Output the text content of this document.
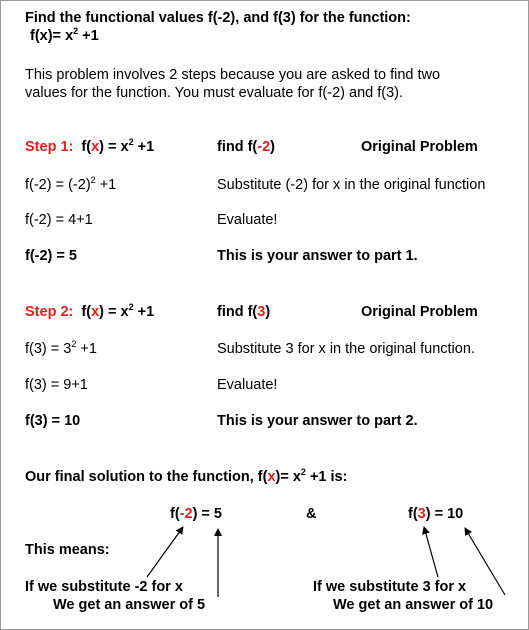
Find the functional values f(-2), and f(3) for the function:
$f(x)= x^2 +1$
This problem involves 2 steps because you are asked to find two
values for the function. You must evaluate for f(-2) and f(3).
Step 1: $f(x) = x^2 +1$	find f(-2)	Original Problem
$f(-2) = (-2)^2 +1$	Substitute (-2) for x in the original function
f(-2) = 4+1	Evaluate!
f(-2) = 5	This is your answer to part 1.
Step 2: $f(x) = x^2 +1$	find f(3)	Original Problem
$f(3) = 3^2 +1$	Substitute 3 for x in the original function.
f(3) = 9+1	Evaluate!
f(3) = 10	This is your answer to part 2.
Our final solution to the function, $f(x)= x^2 +1$ is:
f(-2) = 5	&	f(3) = 10
This means:
If we substitute -2 for x
We get an answer of 5
If we substitute 3 for x
We get an answer of 10
